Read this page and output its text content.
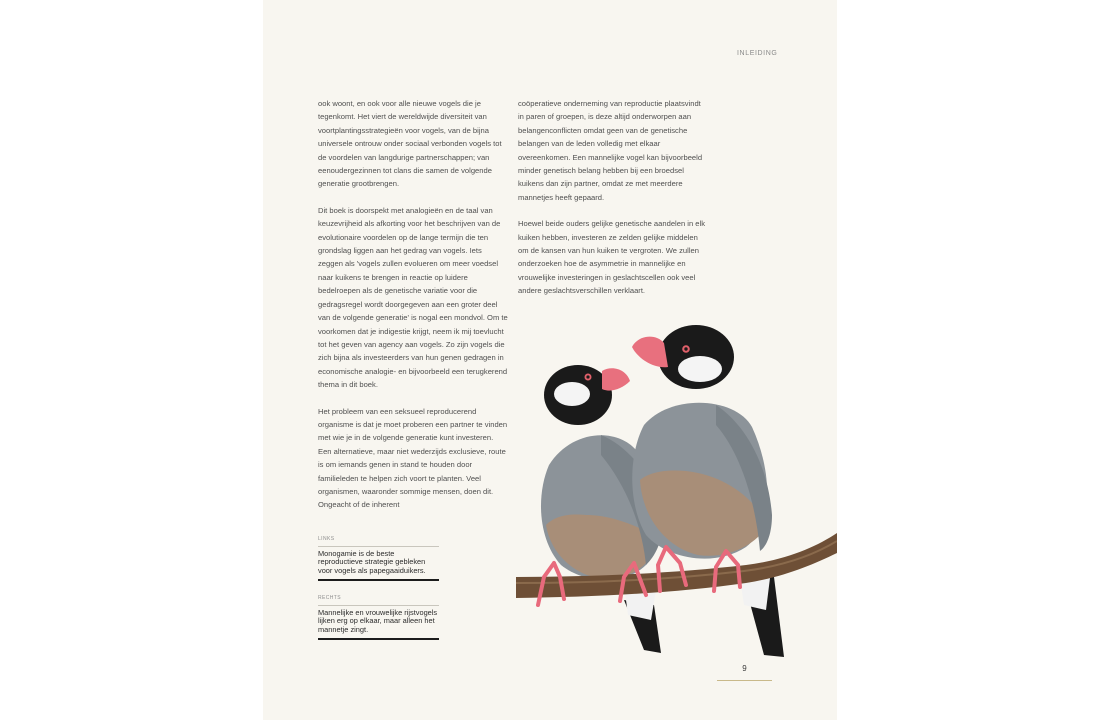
INLEIDING

ook woont, en ook voor alle nieuwe vogels die je tegenkomt. Het viert de wereldwijde diversiteit van voortplantingsstrategieën voor vogels, van de bijna universele ontrouw onder sociaal verbonden vogels tot de voordelen van langdurige partnerschappen; van eenoudergezinnen tot clans die samen de volgende generatie grootbrengen.

Dit boek is doorspekt met analogieën en de taal van keuzevrijheid als afkorting voor het beschrijven van de evolutionaire voordelen op de lange termijn die ten grondslag liggen aan het gedrag van vogels. Iets zeggen als 'vogels zullen evolueren om meer voedsel naar kuikens te brengen in reactie op luidere bedelroepen als de genetische variatie voor die gedragsregel wordt doorgegeven aan een groter deel van de volgende generatie' is nogal een mondvol. Om te voorkomen dat je indigestie krijgt, neem ik mij toevlucht tot het geven van agency aan vogels. Zo zijn vogels die zich bijna als investeerders van hun genen gedragen in economische analogie- en bijvoorbeeld een terugkerend thema in dit boek.

Het probleem van een seksueel reproducerend organisme is dat je moet proberen een partner te vinden met wie je in de volgende generatie kunt investeren. Een alternatieve, maar niet wederzijds exclusieve, route is om iemands genen in stand te houden door familieleden te helpen zich voort te planten. Veel organismen, waaronder sommige mensen, doen dit. Ongeacht of de inherent

coöperatieve onderneming van reproductie plaatsvindt in paren of groepen, is deze altijd onderworpen aan belangenconflicten omdat geen van de genetische belangen van de leden volledig met elkaar overeenkomen. Een mannelijke vogel kan bijvoorbeeld minder genetisch belang hebben bij een broedsel kuikens dan zijn partner, omdat ze met meerdere mannetjes heeft gepaard.

Hoewel beide ouders gelijke genetische aandelen in elk kuiken hebben, investeren ze zelden gelijke middelen om de kansen van hun kuiken te vergroten. We zullen onderzoeken hoe de asymmetrie in mannelijke en vrouwelijke investeringen in geslachtscellen ook veel andere geslachtsverschillen verklaart.

LINKS
Monogamie is de beste reproductieve strategie gebleken voor vogels als papegaaiduikers.
RECHTS
Mannelijke en vrouwelijke rijstvogels lijken erg op elkaar, maar alleen het mannetje zingt.
9
